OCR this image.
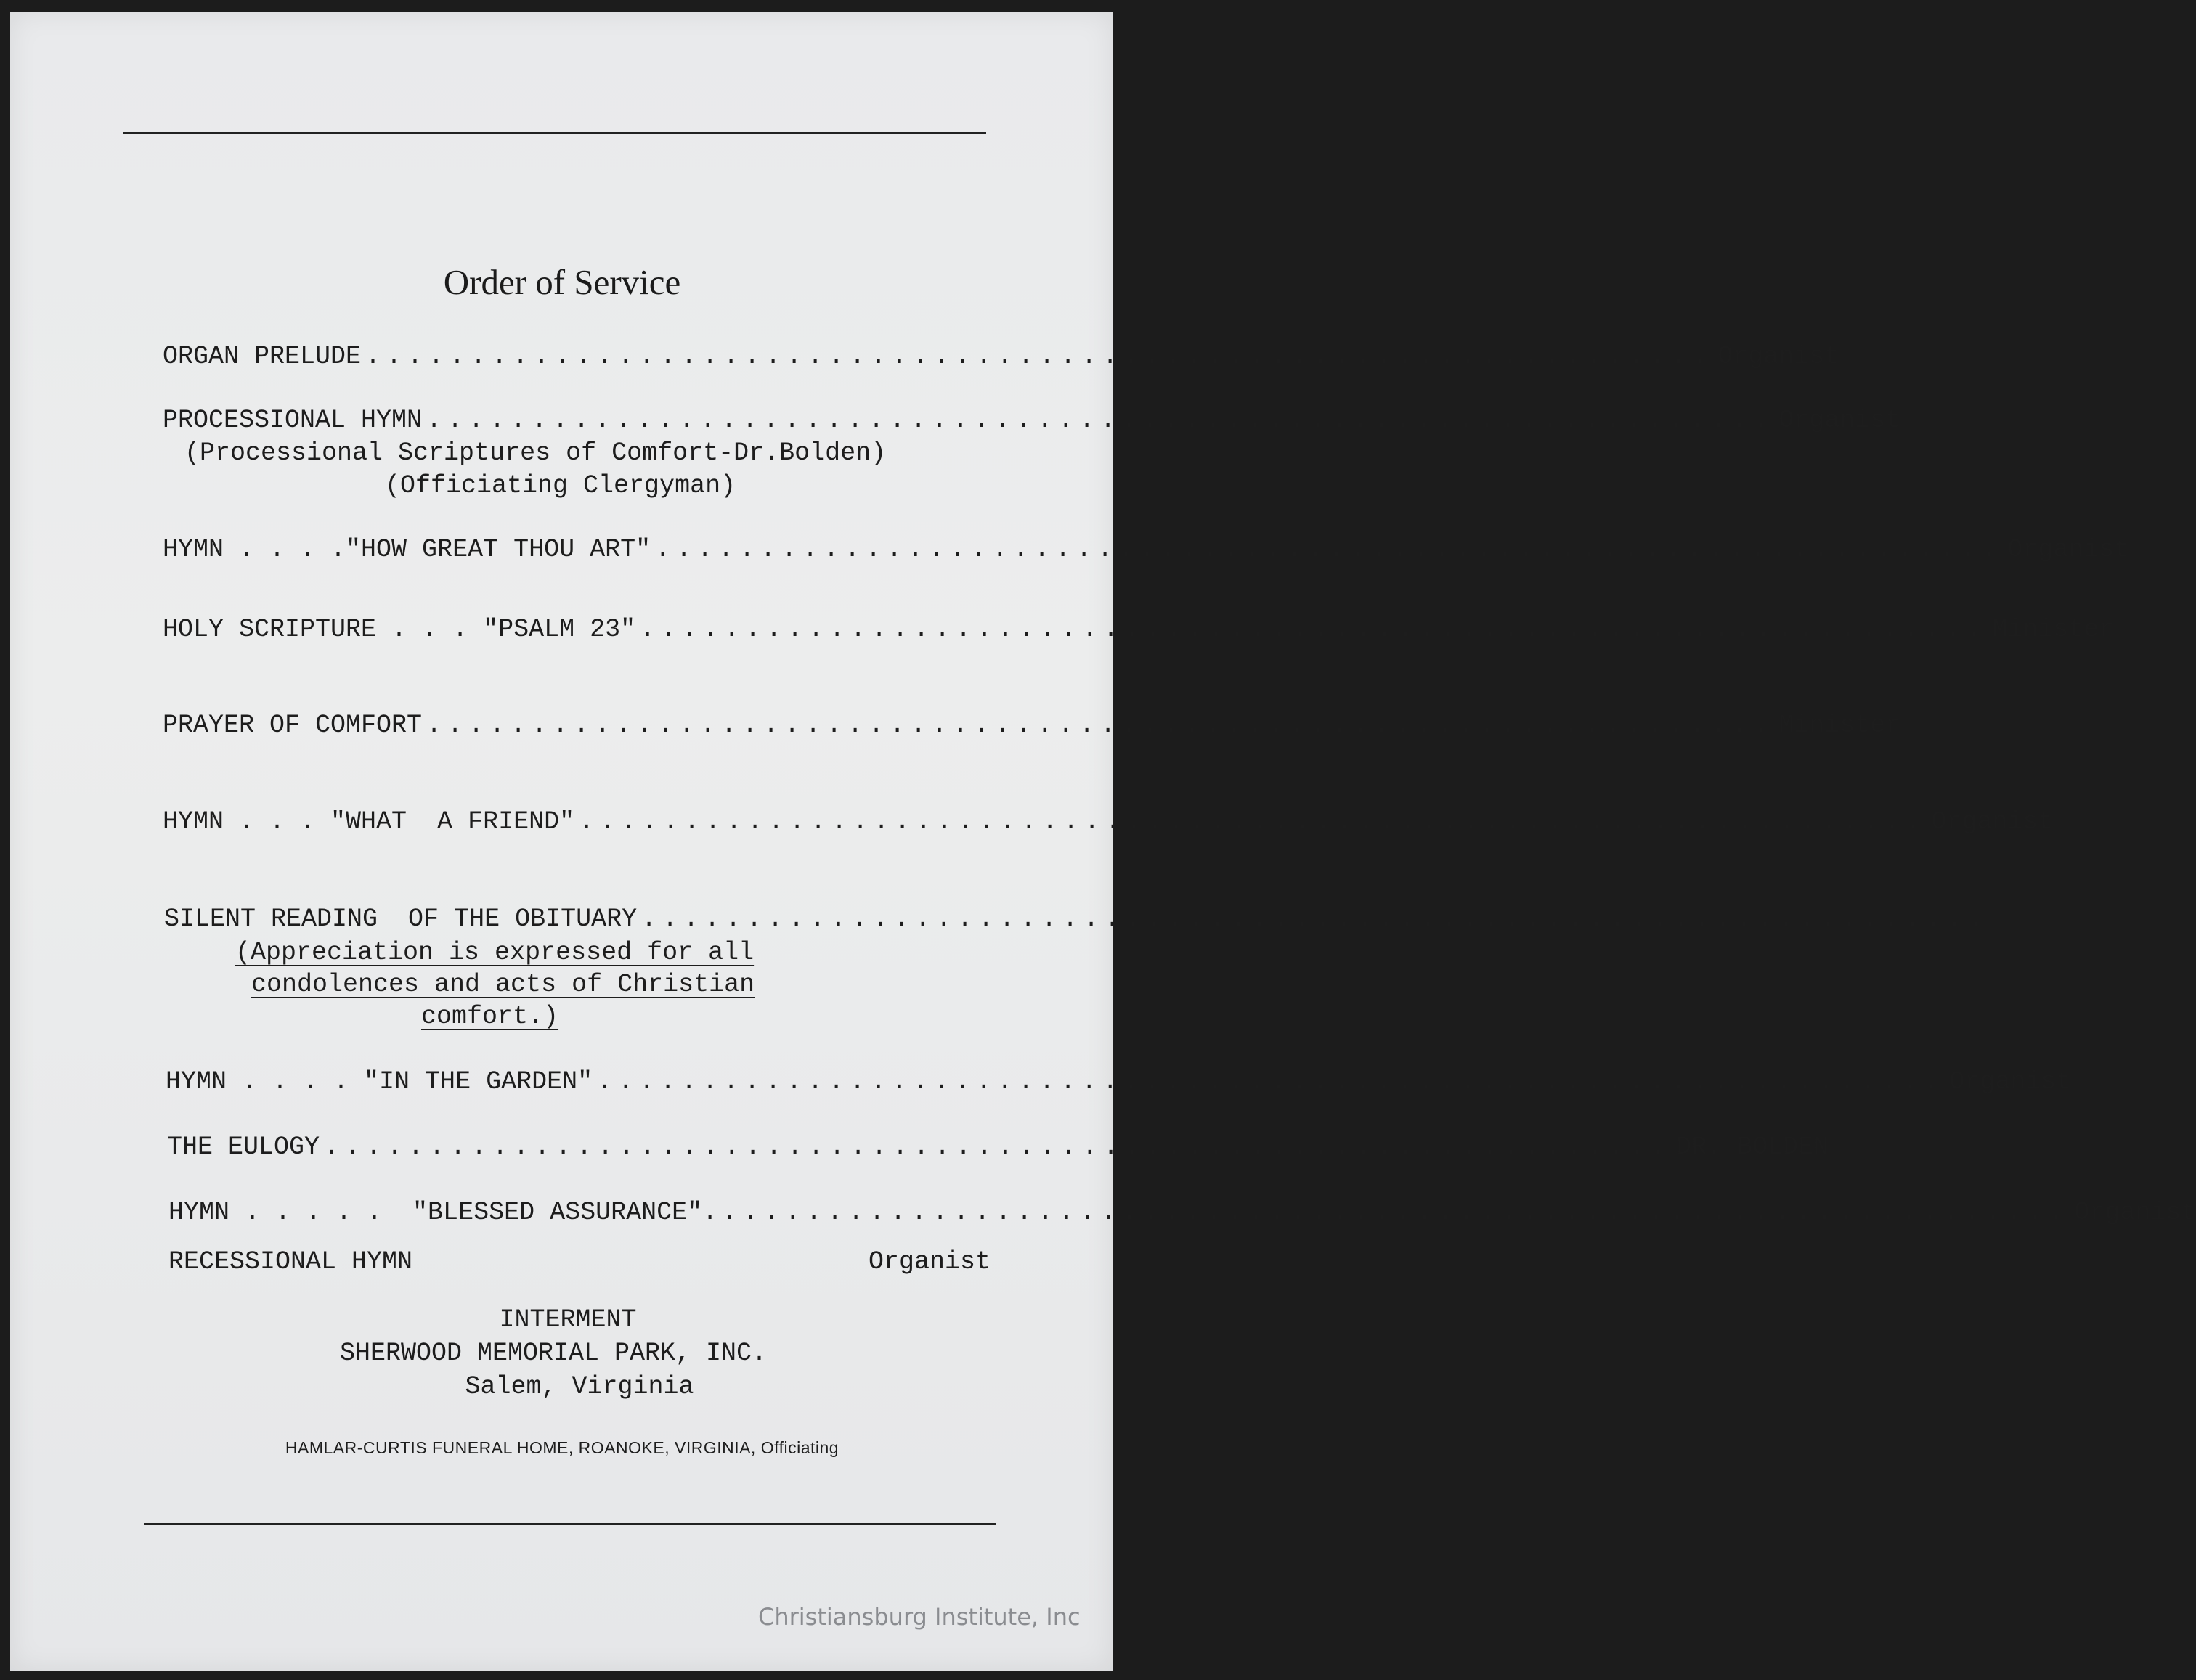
Order of Service
ORGAN PRELUDE ................................................................ Organist
PROCESSIONAL HYMN ................................................................ Organist
(Processional Scriptures of Comfort-Dr.Bolden)
(Officiating Clergyman)
HYMN . . . ."HOW GREAT THOU ART" ................................................................ Organist
HOLY SCRIPTURE . . . "PSALM 23" ................................................................ Minister
PRAYER OF COMFORT ................................................................ Minister
HYMN . . . "WHAT  A FRIEND" ................................................................ Organist
SILENT READING  OF THE OBITUARY ................................................................
(Appreciation is expressed for all
condolences and acts of Christian
comfort.)
HYMN . . . . "IN THE GARDEN" ................................................................ Organist
THE EULOGY ................................................................ DR. BOLDEN
HYMN . . . . .  "BLESSED ASSURANCE". ................................................................ Organist
RECESSIONAL HYMN	Organist
INTERMENT
SHERWOOD MEMORIAL PARK, INC.
Salem, Virginia
HAMLAR-CURTIS FUNERAL HOME, ROANOKE, VIRGINIA, Officiating
Christiansburg Institute, Inc
